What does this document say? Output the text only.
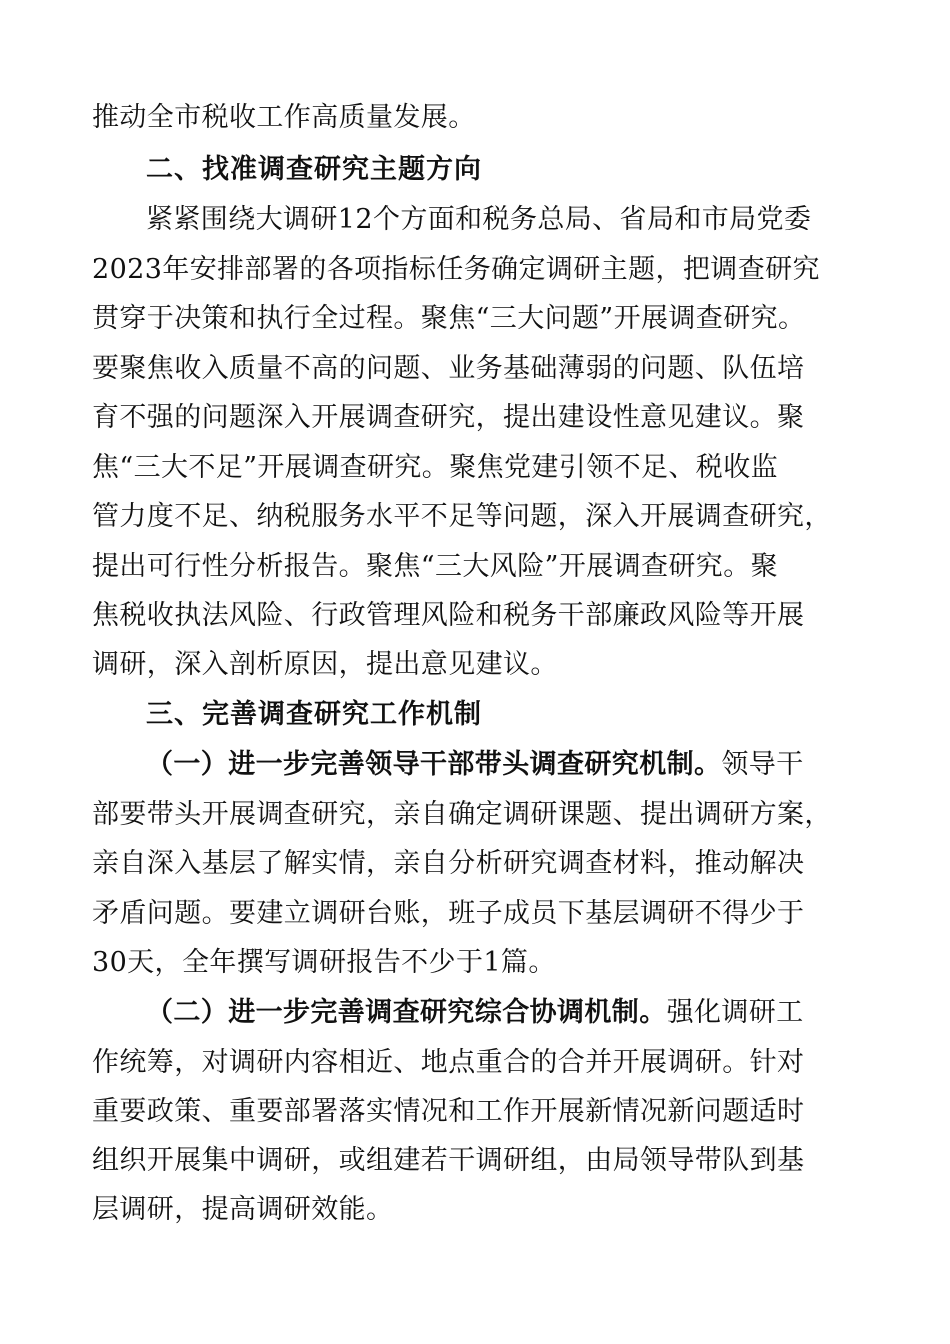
推动全市税收工作高质量发展。
二、找准调查研究主题方向
紧紧围绕大调研12个方面和税务总局、省局和市局党委
2023年安排部署的各项指标任务确定调研主题，把调查研究
贯穿于决策和执行全过程。聚焦“三大问题”开展调查研究。
要聚焦收入质量不高的问题、业务基础薄弱的问题、队伍培
育不强的问题深入开展调查研究，提出建设性意见建议。聚
焦“三大不足”开展调查研究。聚焦党建引领不足、税收监
管力度不足、纳税服务水平不足等问题，深入开展调查研究，
提出可行性分析报告。聚焦“三大风险”开展调查研究。聚
焦税收执法风险、行政管理风险和税务干部廉政风险等开展
调研，深入剖析原因，提出意见建议。
三、完善调查研究工作机制
（一）进一步完善领导干部带头调查研究机制。领导干
部要带头开展调查研究，亲自确定调研课题、提出调研方案，
亲自深入基层了解实情，亲自分析研究调查材料，推动解决
矛盾问题。要建立调研台账，班子成员下基层调研不得少于
30天，全年撰写调研报告不少于1篇。
（二）进一步完善调查研究综合协调机制。强化调研工
作统筹，对调研内容相近、地点重合的合并开展调研。针对
重要政策、重要部署落实情况和工作开展新情况新问题适时
组织开展集中调研，或组建若干调研组，由局领导带队到基
层调研，提高调研效能。
